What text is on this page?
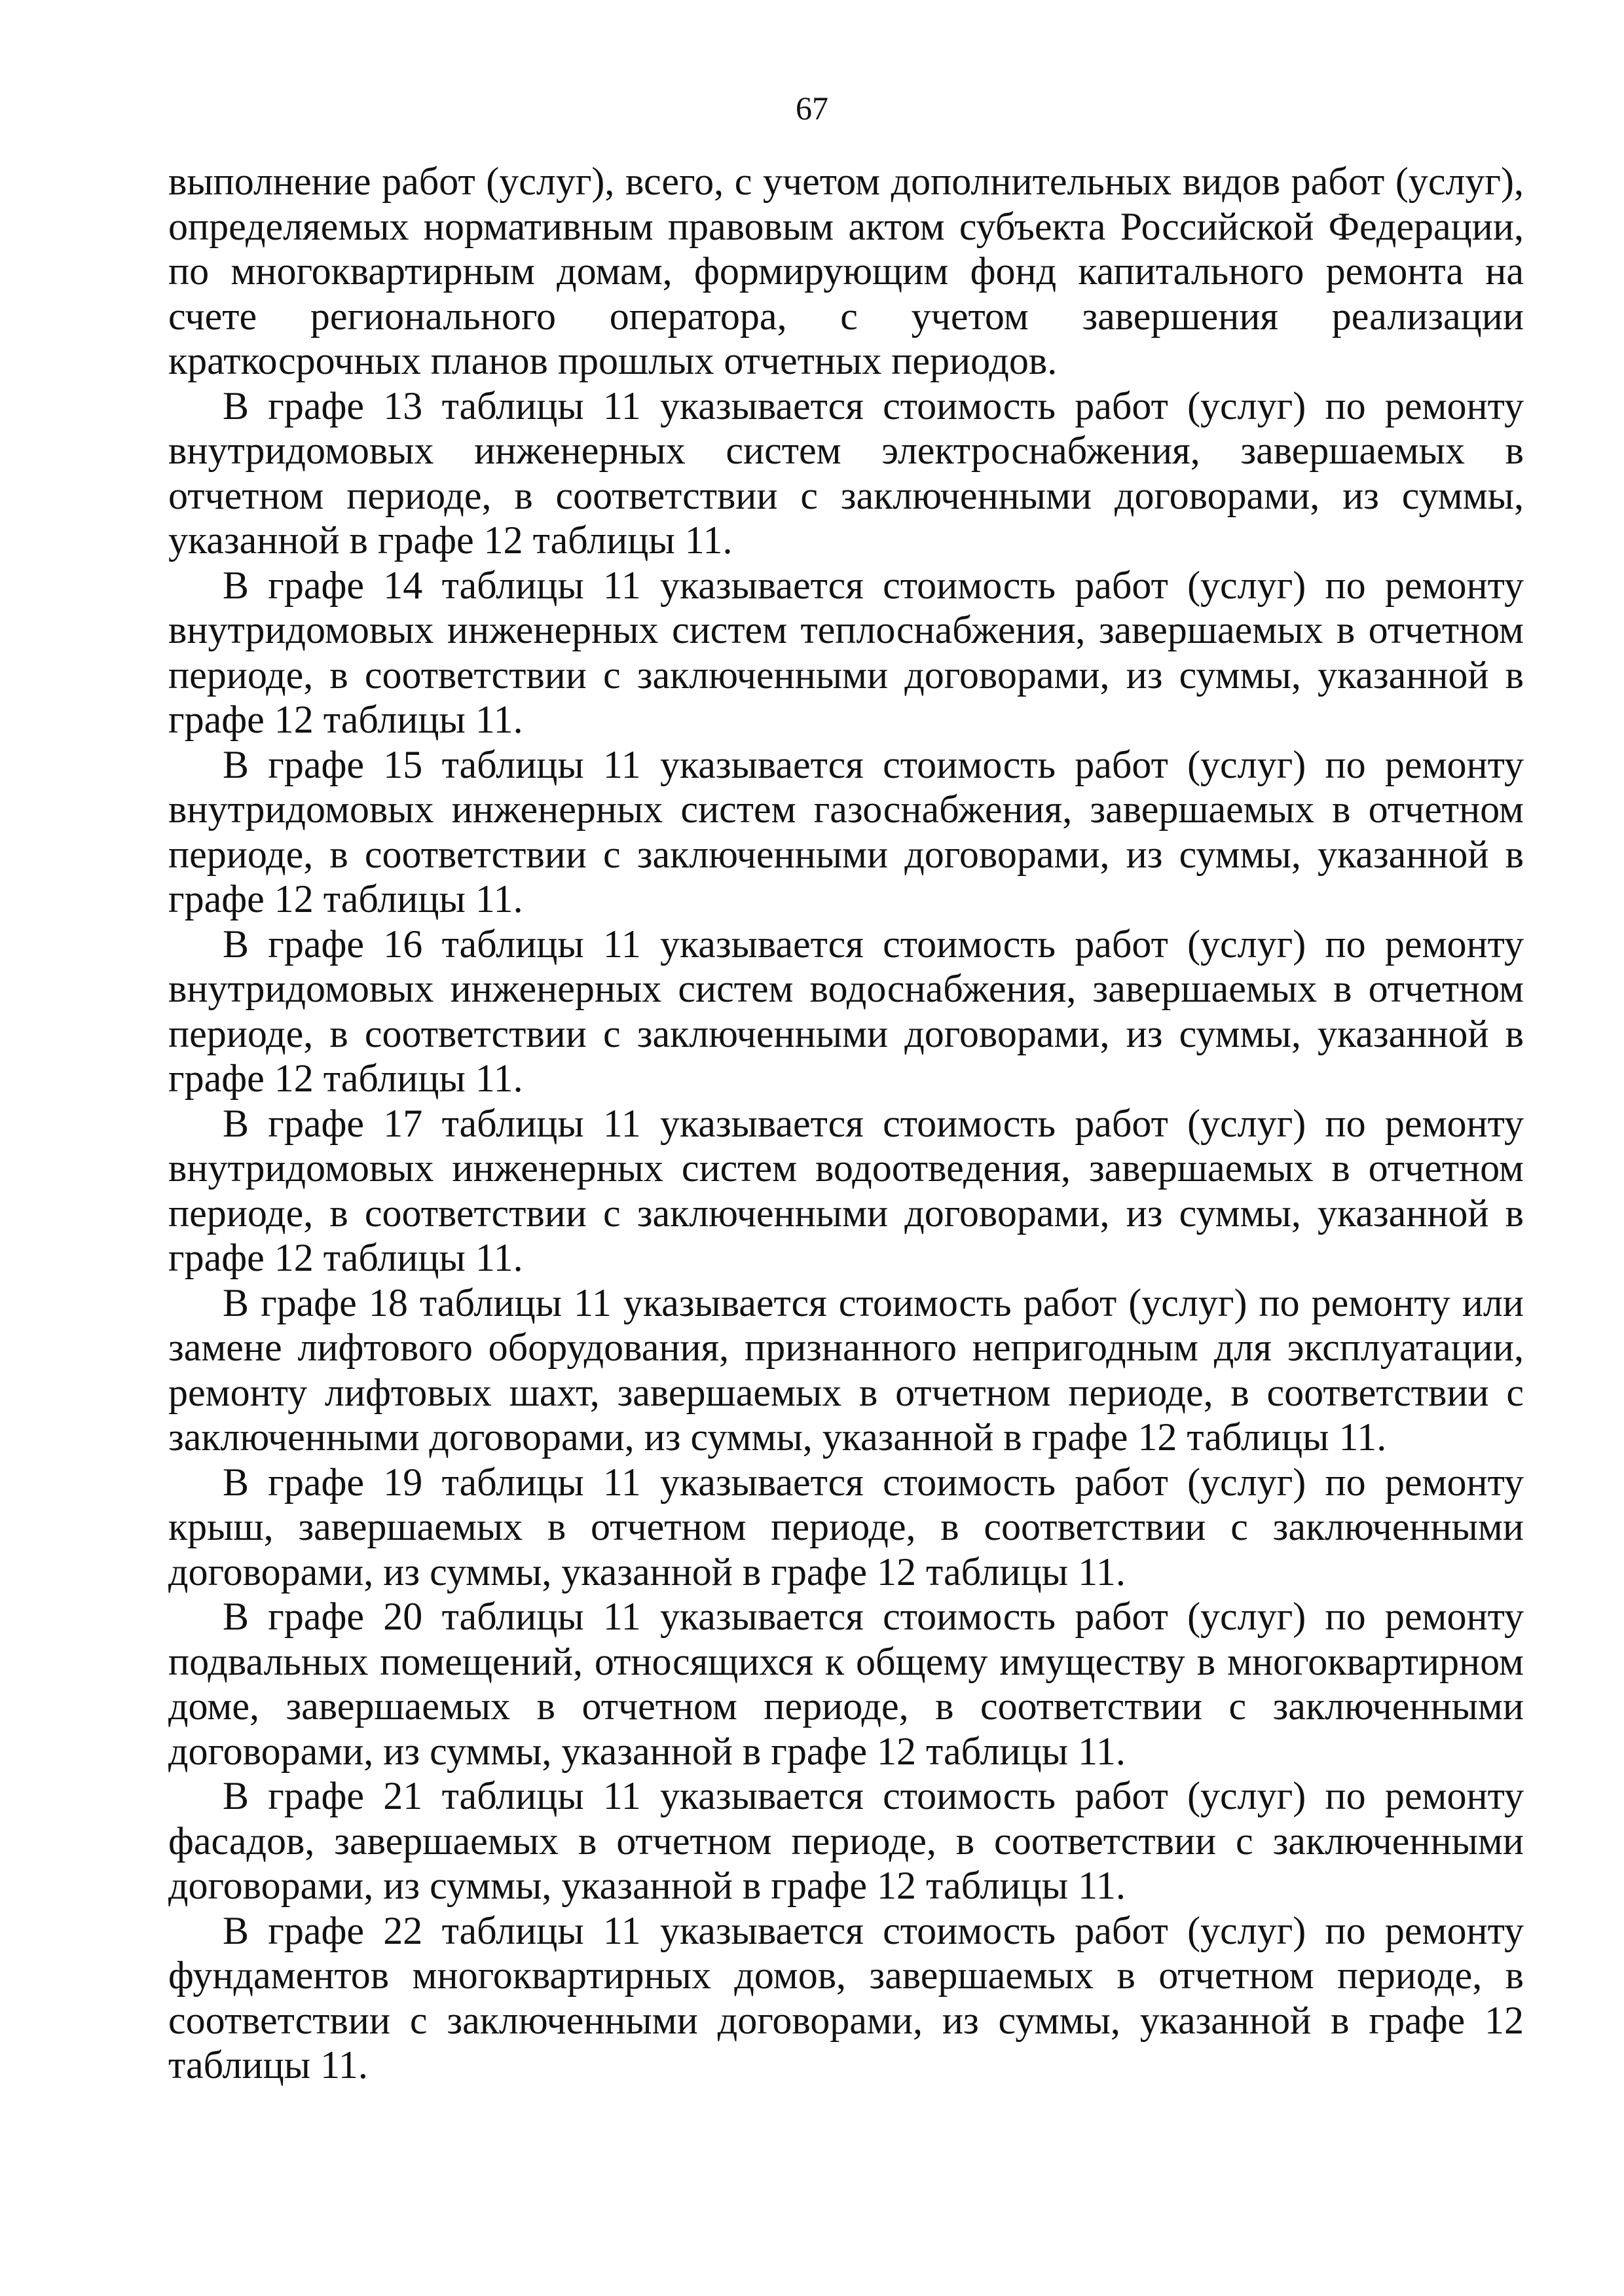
67

выполнение работ (услуг), всего, с учетом дополнительных видов работ (услуг), определяемых нормативным правовым актом субъекта Российской Федерации, по многоквартирным домам, формирующим фонд капитального ремонта на счете регионального оператора, с учетом завершения реализации краткосрочных планов прошлых отчетных периодов.

В графе 13 таблицы 11 указывается стоимость работ (услуг) по ремонту внутридомовых инженерных систем электроснабжения, завершаемых в отчетном периоде, в соответствии с заключенными договорами, из суммы, указанной в графе 12 таблицы 11.

В графе 14 таблицы 11 указывается стоимость работ (услуг) по ремонту внутридомовых инженерных систем теплоснабжения, завершаемых в отчетном периоде, в соответствии с заключенными договорами, из суммы, указанной в графе 12 таблицы 11.

В графе 15 таблицы 11 указывается стоимость работ (услуг) по ремонту внутридомовых инженерных систем газоснабжения, завершаемых в отчетном периоде, в соответствии с заключенными договорами, из суммы, указанной в графе 12 таблицы 11.

В графе 16 таблицы 11 указывается стоимость работ (услуг) по ремонту внутридомовых инженерных систем водоснабжения, завершаемых в отчетном периоде, в соответствии с заключенными договорами, из суммы, указанной в графе 12 таблицы 11.

В графе 17 таблицы 11 указывается стоимость работ (услуг) по ремонту внутридомовых инженерных систем водоотведения, завершаемых в отчетном периоде, в соответствии с заключенными договорами, из суммы, указанной в графе 12 таблицы 11.

В графе 18 таблицы 11 указывается стоимость работ (услуг) по ремонту или замене лифтового оборудования, признанного непригодным для эксплуатации, ремонту лифтовых шахт, завершаемых в отчетном периоде, в соответствии с заключенными договорами, из суммы, указанной в графе 12 таблицы 11.

В графе 19 таблицы 11 указывается стоимость работ (услуг) по ремонту крыш, завершаемых в отчетном периоде, в соответствии с заключенными договорами, из суммы, указанной в графе 12 таблицы 11.

В графе 20 таблицы 11 указывается стоимость работ (услуг) по ремонту подвальных помещений, относящихся к общему имуществу в многоквартирном доме, завершаемых в отчетном периоде, в соответствии с заключенными договорами, из суммы, указанной в графе 12 таблицы 11.

В графе 21 таблицы 11 указывается стоимость работ (услуг) по ремонту фасадов, завершаемых в отчетном периоде, в соответствии с заключенными договорами, из суммы, указанной в графе 12 таблицы 11.

В графе 22 таблицы 11 указывается стоимость работ (услуг) по ремонту фундаментов многоквартирных домов, завершаемых в отчетном периоде, в соответствии с заключенными договорами, из суммы, указанной в графе 12 таблицы 11.
